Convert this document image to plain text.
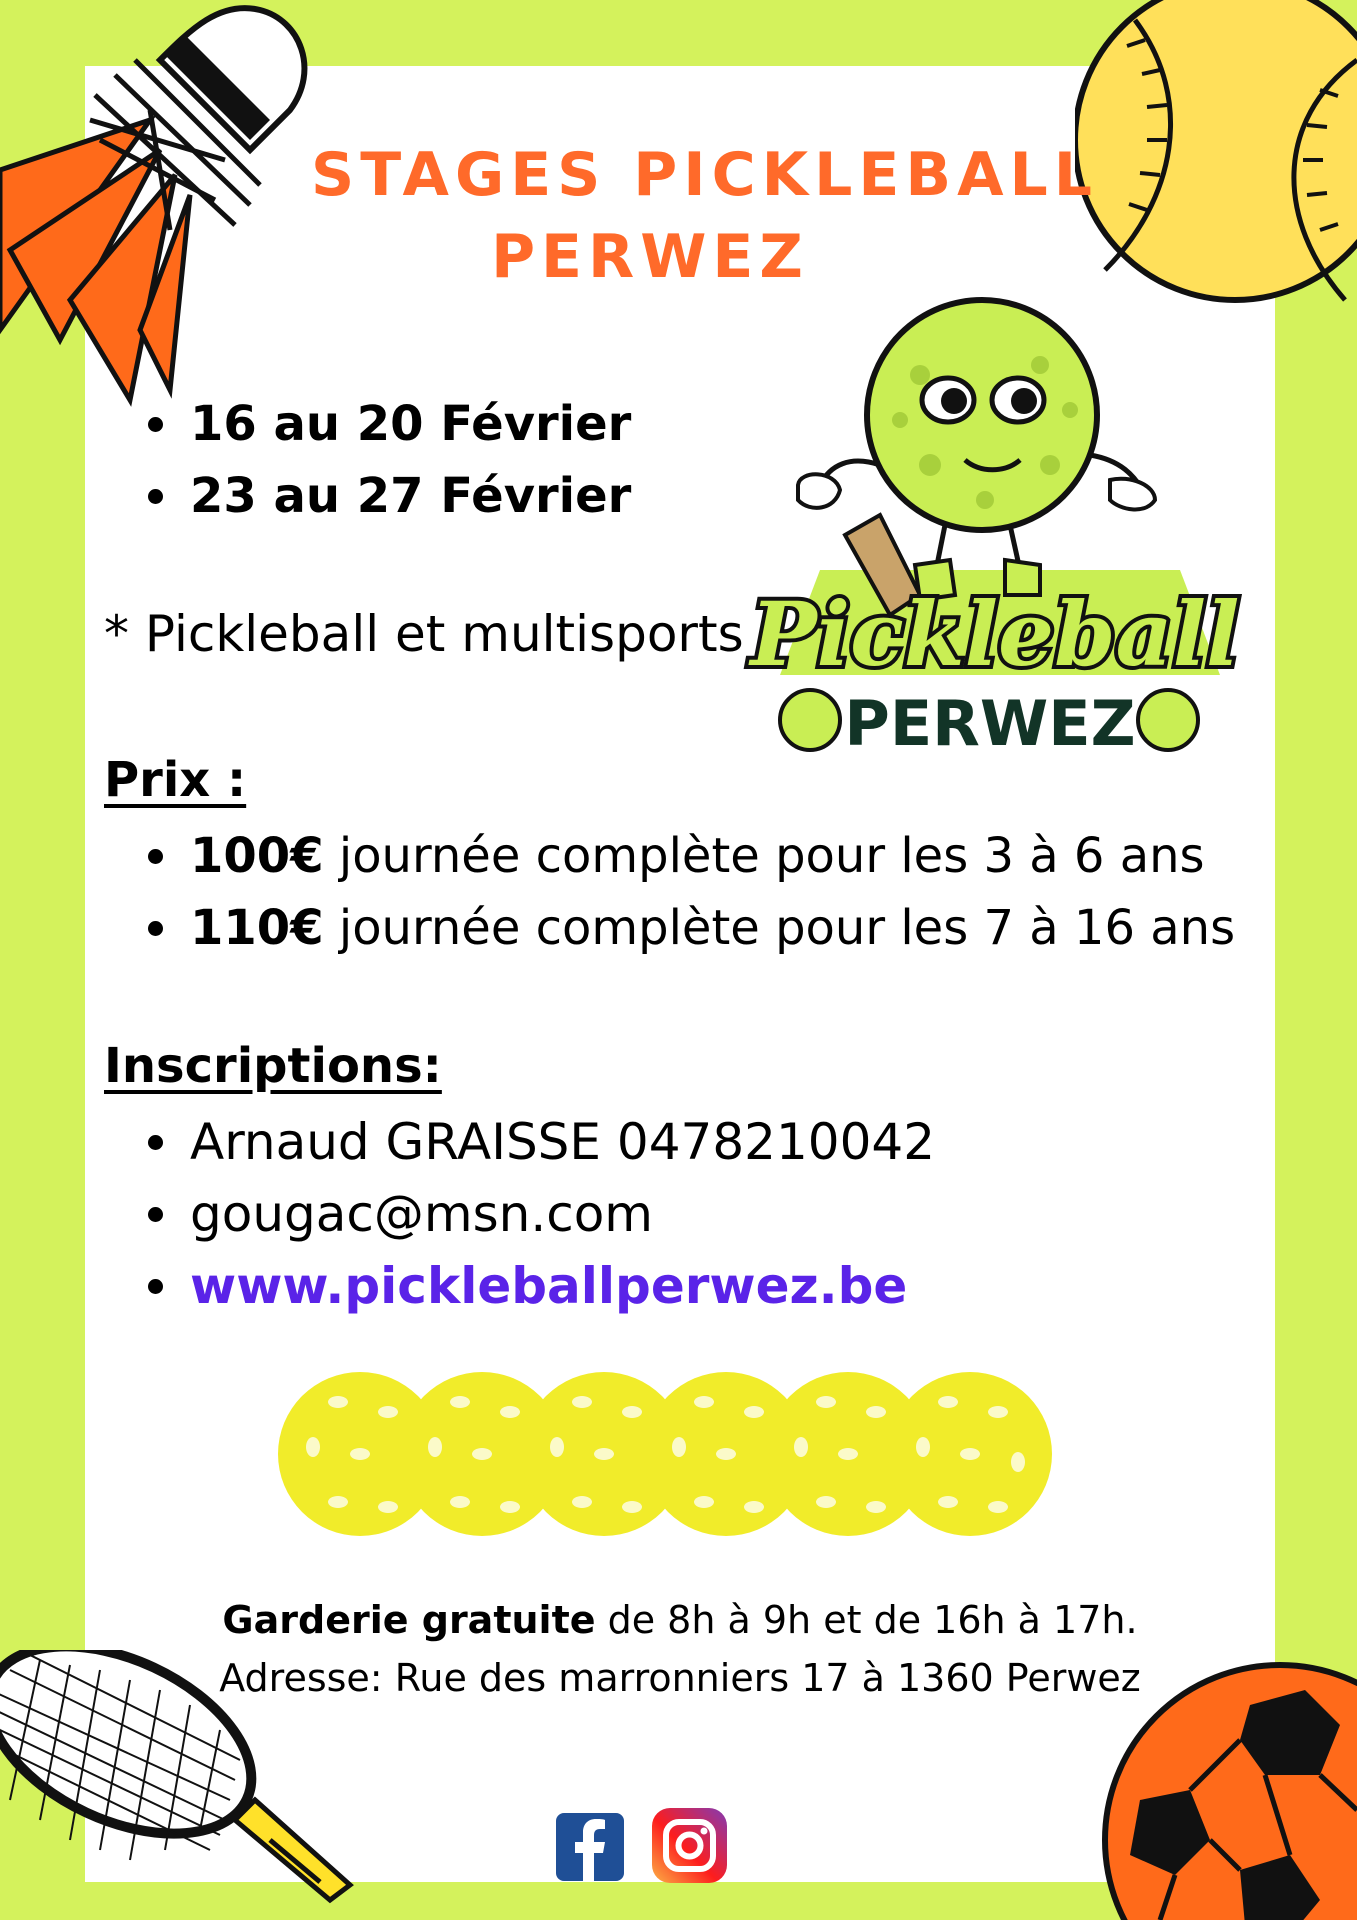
STAGES PICKLEBALL
PERWEZ
16 au 20 Février
23 au 27 Février
* Pickleball et multisports Pickleball
PERWEZ
Prix :
100€ journée complète pour les 3 à 6 ans
110€ journée complète pour les 7 à 16 ans
Inscriptions:
Arnaud GRAISSE 0478210042
gougac@msn.com
www.pickleballperwez.be

Garderie gratuite de 8h à 9h et de 16h à 17h.

Adresse: Rue des marronniers 17 à 1360 Perwez
